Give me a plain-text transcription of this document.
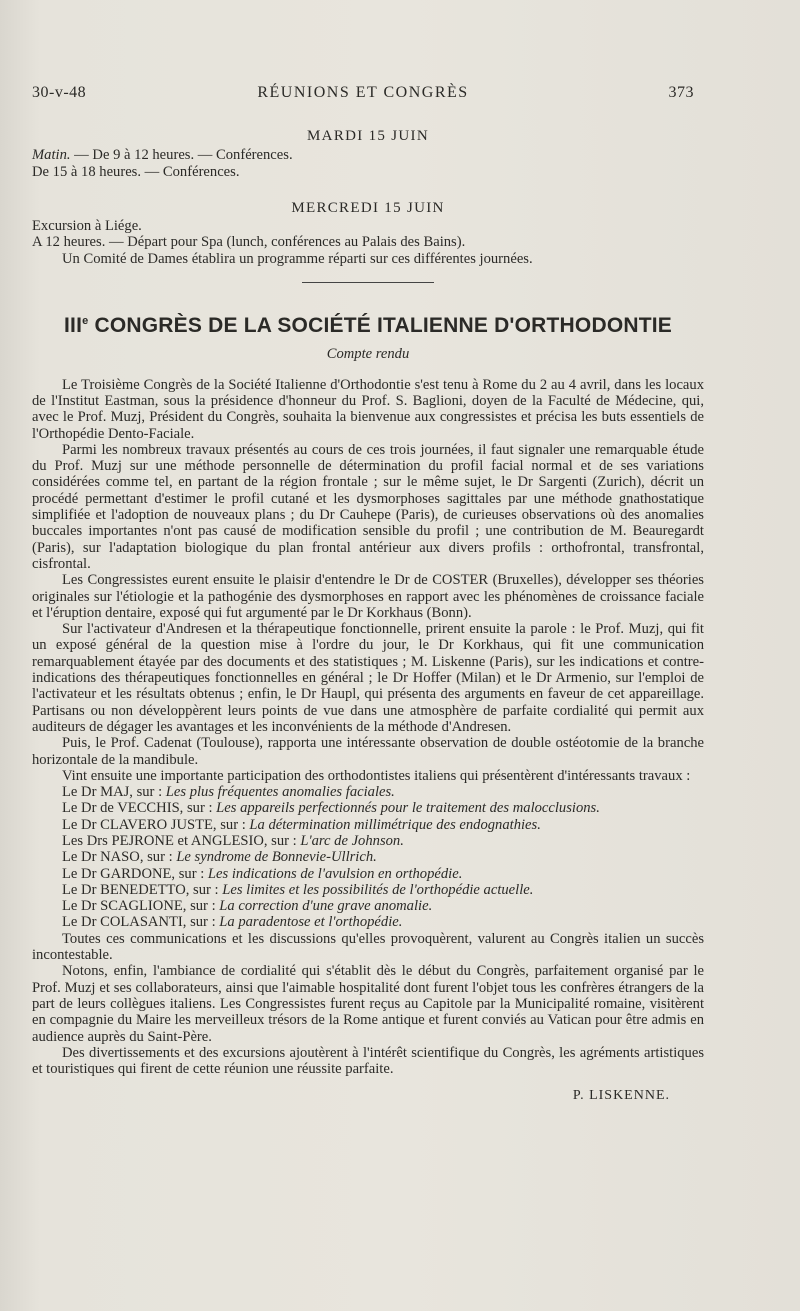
30-v-48	RÉUNIONS ET CONGRÈS	373
MARDI 15 JUIN
Matin. — De 9 à 12 heures. — Conférences.
De 15 à 18 heures. — Conférences.
MERCREDI 15 JUIN
Excursion à Liége.
A 12 heures. — Départ pour Spa (lunch, conférences au Palais des Bains).
Un Comité de Dames établira un programme réparti sur ces différentes journées.
IIIe CONGRÈS DE LA SOCIÉTÉ ITALIENNE D'ORTHODONTIE
Compte rendu

Le Troisième Congrès de la Société Italienne d'Orthodontie s'est tenu à Rome du 2 au 4 avril, dans les locaux de l'Institut Eastman, sous la présidence d'honneur du Prof. S. Baglioni, doyen de la Faculté de Médecine, qui, avec le Prof. Muzj, Président du Congrès, souhaita la bienvenue aux congressistes et précisa les buts essentiels de l'Orthopédie Dento-Faciale.

Parmi les nombreux travaux présentés au cours de ces trois journées, il faut signaler une remarquable étude du Prof. Muzj sur une méthode personnelle de détermination du profil facial normal et de ses variations considérées comme tel, en partant de la région frontale ; sur le même sujet, le Dr Sargenti (Zurich), décrit un procédé permettant d'estimer le profil cutané et les dysmorphoses sagittales par une méthode gnathostatique simplifiée et l'adoption de nouveaux plans ; du Dr Cauhepe (Paris), de curieuses observations où des anomalies buccales importantes n'ont pas causé de modification sensible du profil ; une contribution de M. Beauregardt (Paris), sur l'adaptation biologique du plan frontal antérieur aux divers profils : orthofrontal, transfrontal, cisfrontal.

Les Congressistes eurent ensuite le plaisir d'entendre le Dr de COSTER (Bruxelles), développer ses théories originales sur l'étiologie et la pathogénie des dysmorphoses en rapport avec les phénomènes de croissance faciale et l'éruption dentaire, exposé qui fut argumenté par le Dr Korkhaus (Bonn).

Sur l'activateur d'Andresen et la thérapeutique fonctionnelle, prirent ensuite la parole : le Prof. Muzj, qui fit un exposé général de la question mise à l'ordre du jour, le Dr Korkhaus, qui fit une communication remarquablement étayée par des documents et des statistiques ; M. Liskenne (Paris), sur les indications et contre-indications des thérapeutiques fonctionnelles en général ; le Dr Hoffer (Milan) et le Dr Armenio, sur l'emploi de l'activateur et les résultats obtenus ; enfin, le Dr Haupl, qui présenta des arguments en faveur de cet appareillage. Partisans ou non développèrent leurs points de vue dans une atmosphère de parfaite cordialité qui permit aux auditeurs de dégager les avantages et les inconvénients de la méthode d'Andresen.

Puis, le Prof. Cadenat (Toulouse), rapporta une intéressante observation de double ostéotomie de la branche horizontale de la mandibule.

Vint ensuite une importante participation des orthodontistes italiens qui présentèrent d'intéressants travaux :

Le Dr MAJ, sur : Les plus fréquentes anomalies faciales.

Le Dr de VECCHIS, sur : Les appareils perfectionnés pour le traitement des malocclusions.

Le Dr CLAVERO JUSTE, sur : La détermination millimétrique des endognathies.

Les Drs PEJRONE et ANGLESIO, sur : L'arc de Johnson.

Le Dr NASO, sur : Le syndrome de Bonnevie-Ullrich.

Le Dr GARDONE, sur : Les indications de l'avulsion en orthopédie.

Le Dr BENEDETTO, sur : Les limites et les possibilités de l'orthopédie actuelle.

Le Dr SCAGLIONE, sur : La correction d'une grave anomalie.

Le Dr COLASANTI, sur : La paradentose et l'orthopédie.

Toutes ces communications et les discussions qu'elles provoquèrent, valurent au Congrès italien un succès incontestable.

Notons, enfin, l'ambiance de cordialité qui s'établit dès le début du Congrès, parfaitement organisé par le Prof. Muzj et ses collaborateurs, ainsi que l'aimable hospitalité dont furent l'objet tous les confrères étrangers de la part de leurs collègues italiens. Les Congressistes furent reçus au Capitole par la Municipalité romaine, visitèrent en compagnie du Maire les merveilleux trésors de la Rome antique et furent conviés au Vatican pour être admis en audience auprès du Saint-Père.

Des divertissements et des excursions ajoutèrent à l'intérêt scientifique du Congrès, les agréments artistiques et touristiques qui firent de cette réunion une réussite parfaite.

P. LISKENNE.
